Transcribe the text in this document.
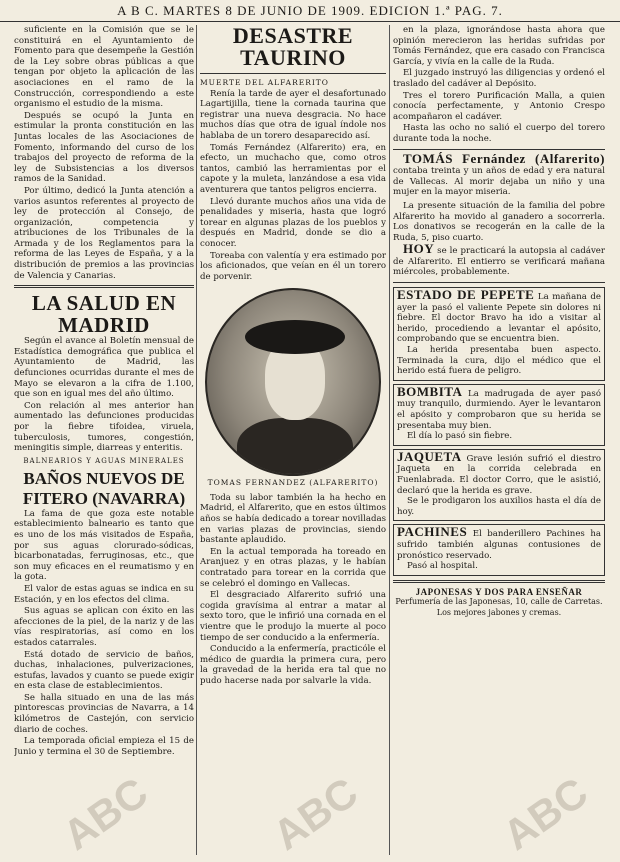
A B C. MARTES 8 DE JUNIO DE 1909. EDICION 1.ª PAG. 7.

suficiente en la Comisión que se le constituirá en el Ayuntamiento de Fomento para que desempeñe la Gestión de la Ley sobre obras públicas a que tengan por objeto la aplicación de las asociaciones en el ramo de la Construcción, correspondiendo a este organismo el estudio de la misma.

Después se ocupó la Junta en estimular la pronta constitución en las Juntas locales de las Asociaciones de Fomento, informando del curso de los trabajos del proyecto de reforma de la ley de Subsistencias a los diversos ramos de la Sanidad.

Por último, dedicó la Junta atención a varios asuntos referentes al proyecto de ley de protección al Consejo, de organización, competencia y atribuciones de los Tribunales de la Armada y de los Reglamentos para la reforma de las Leyes de España, y a la distribución de premios a las provincias de Valencia y Canarias.

LA SALUD EN MADRID

Según el avance al Boletín mensual de Estadística demográfica que publica el Ayuntamiento de Madrid, las defunciones ocurridas durante el mes de Mayo se elevaron a la cifra de 1.100, que son en igual mes del año último.

Con relación al mes anterior han aumentado las defunciones producidas por la fiebre tifoidea, viruela, tuberculosis, tumores, congestión, meningitis simple, diarreas y enteritis.

BALNEARIOS Y AGUAS MINERALES
BAÑOS NUEVOS DE FITERO (NAVARRA)

La fama de que goza este notable establecimiento balneario es tanto que es uno de los más visitados de España, por sus aguas clorurado-sódicas, bicarbonatadas, ferruginosas, etc., que son muy eficaces en el reumatismo y en la gota.

El valor de estas aguas se indica en su Estación, y en los efectos del clima.

Sus aguas se aplican con éxito en las afecciones de la piel, de la nariz y de las vías respiratorias, así como en los estados catarrales.

Está dotado de servicio de baños, duchas, inhalaciones, pulverizaciones, estufas, lavados y cuanto se puede exigir en esta clase de establecimientos.

Se halla situado en una de las más pintorescas provincias de Navarra, a 14 kilómetros de Castejón, con servicio diario de coches.

La temporada oficial empieza el 15 de Junio y termina el 30 de Septiembre.

DESASTRE TAURINO
MUERTE DEL ALFARERITO

Renía la tarde de ayer el desafortunado Lagartijilla, tiene la cornada taurina que registrar una nueva desgracia. No hace muchos días que otra de igual índole nos hablaba de un torero desaparecido así.

Tomás Fernández (Alfarerito) era, en efecto, un muchacho que, como otros tantos, cambió las herramientas por el capote y la muleta, lanzándose a esa vida aventurera que tantos peligros encierra.

Llevó durante muchos años una vida de penalidades y miseria, hasta que logró torear en algunas plazas de los pueblos y después en Madrid, donde se dio a conocer.

Toreaba con valentía y era estimado por los aficionados, que veían en él un torero de porvenir.

TOMAS FERNANDEZ (ALFARERITO)

Toda su labor también la ha hecho en Madrid, el Alfarerito, que en estos últimos años se había dedicado a torear novilladas en varias plazas de provincias, siendo bastante aplaudido.

En la actual temporada ha toreado en Aranjuez y en otras plazas, y le habían contratado para torear en la corrida que se celebró el domingo en Vallecas.

El desgraciado Alfarerito sufrió una cogida gravísima al entrar a matar al sexto toro, que le infirió una cornada en el vientre que le produjo la muerte al poco tiempo de ser conducido a la enfermería.

Conducido a la enfermería, practicóle el médico de guardia la primera cura, pero la gravedad de la herida era tal que no pudo hacerse nada por salvarle la vida.

en la plaza, ignorándose hasta ahora que opinión merecieron las heridas sufridas por Tomás Fernández, que era casado con Francisca García, y vivía en la calle de la Ruda.

El juzgado instruyó las diligencias y ordenó el traslado del cadáver al Depósito.

Tres el torero Purificación Malla, a quien conocía perfectamente, y Antonio Crespo acompañaron el cadáver.

Hasta las ocho no salió el cuerpo del torero durante toda la noche.

TOMÁS Fernández (Alfarerito) contaba treinta y un años de edad y era natural de Vallecas. Al morir dejaba un niño y una mujer en la mayor miseria.

La presente situación de la familia del pobre Alfarerito ha movido al ganadero a socorrerla. Los donativos se recogerán en la calle de la Ruda, 5, piso cuarto.

HOY se le practicará la autopsia al cadáver de Alfarerito. El entierro se verificará mañana miércoles, probablemente.

ESTADO DE PEPETE La mañana de ayer la pasó el valiente Pepete sin dolores ni fiebre. El doctor Bravo ha ido a visitar al herido, procediendo a levantar el apósito, comprobando que se encuentra bien.

La herida presentaba buen aspecto. Terminada la cura, dijo el médico que el herido está fuera de peligro.

BOMBITA La madrugada de ayer pasó muy tranquilo, durmiendo. Ayer le levantaron el apósito y comprobaron que su herida se presentaba muy bien.

El día lo pasó sin fiebre.

JAQUETA Grave lesión sufrió el diestro Jaqueta en la corrida celebrada en Fuenlabrada. El doctor Corro, que le asistió, declaró que la herida es grave.

Se le prodigaron los auxilios hasta el día de hoy.

PACHINES El banderillero Pachines ha sufrido también algunas contusiones de pronóstico reservado.

Pasó al hospital.

JAPONESAS Y DOS PARA ENSEÑAR
Perfumería de las Japonesas, 10, calle de Carretas. Los mejores jabones y cremas.
ABC	ABC	ABC
